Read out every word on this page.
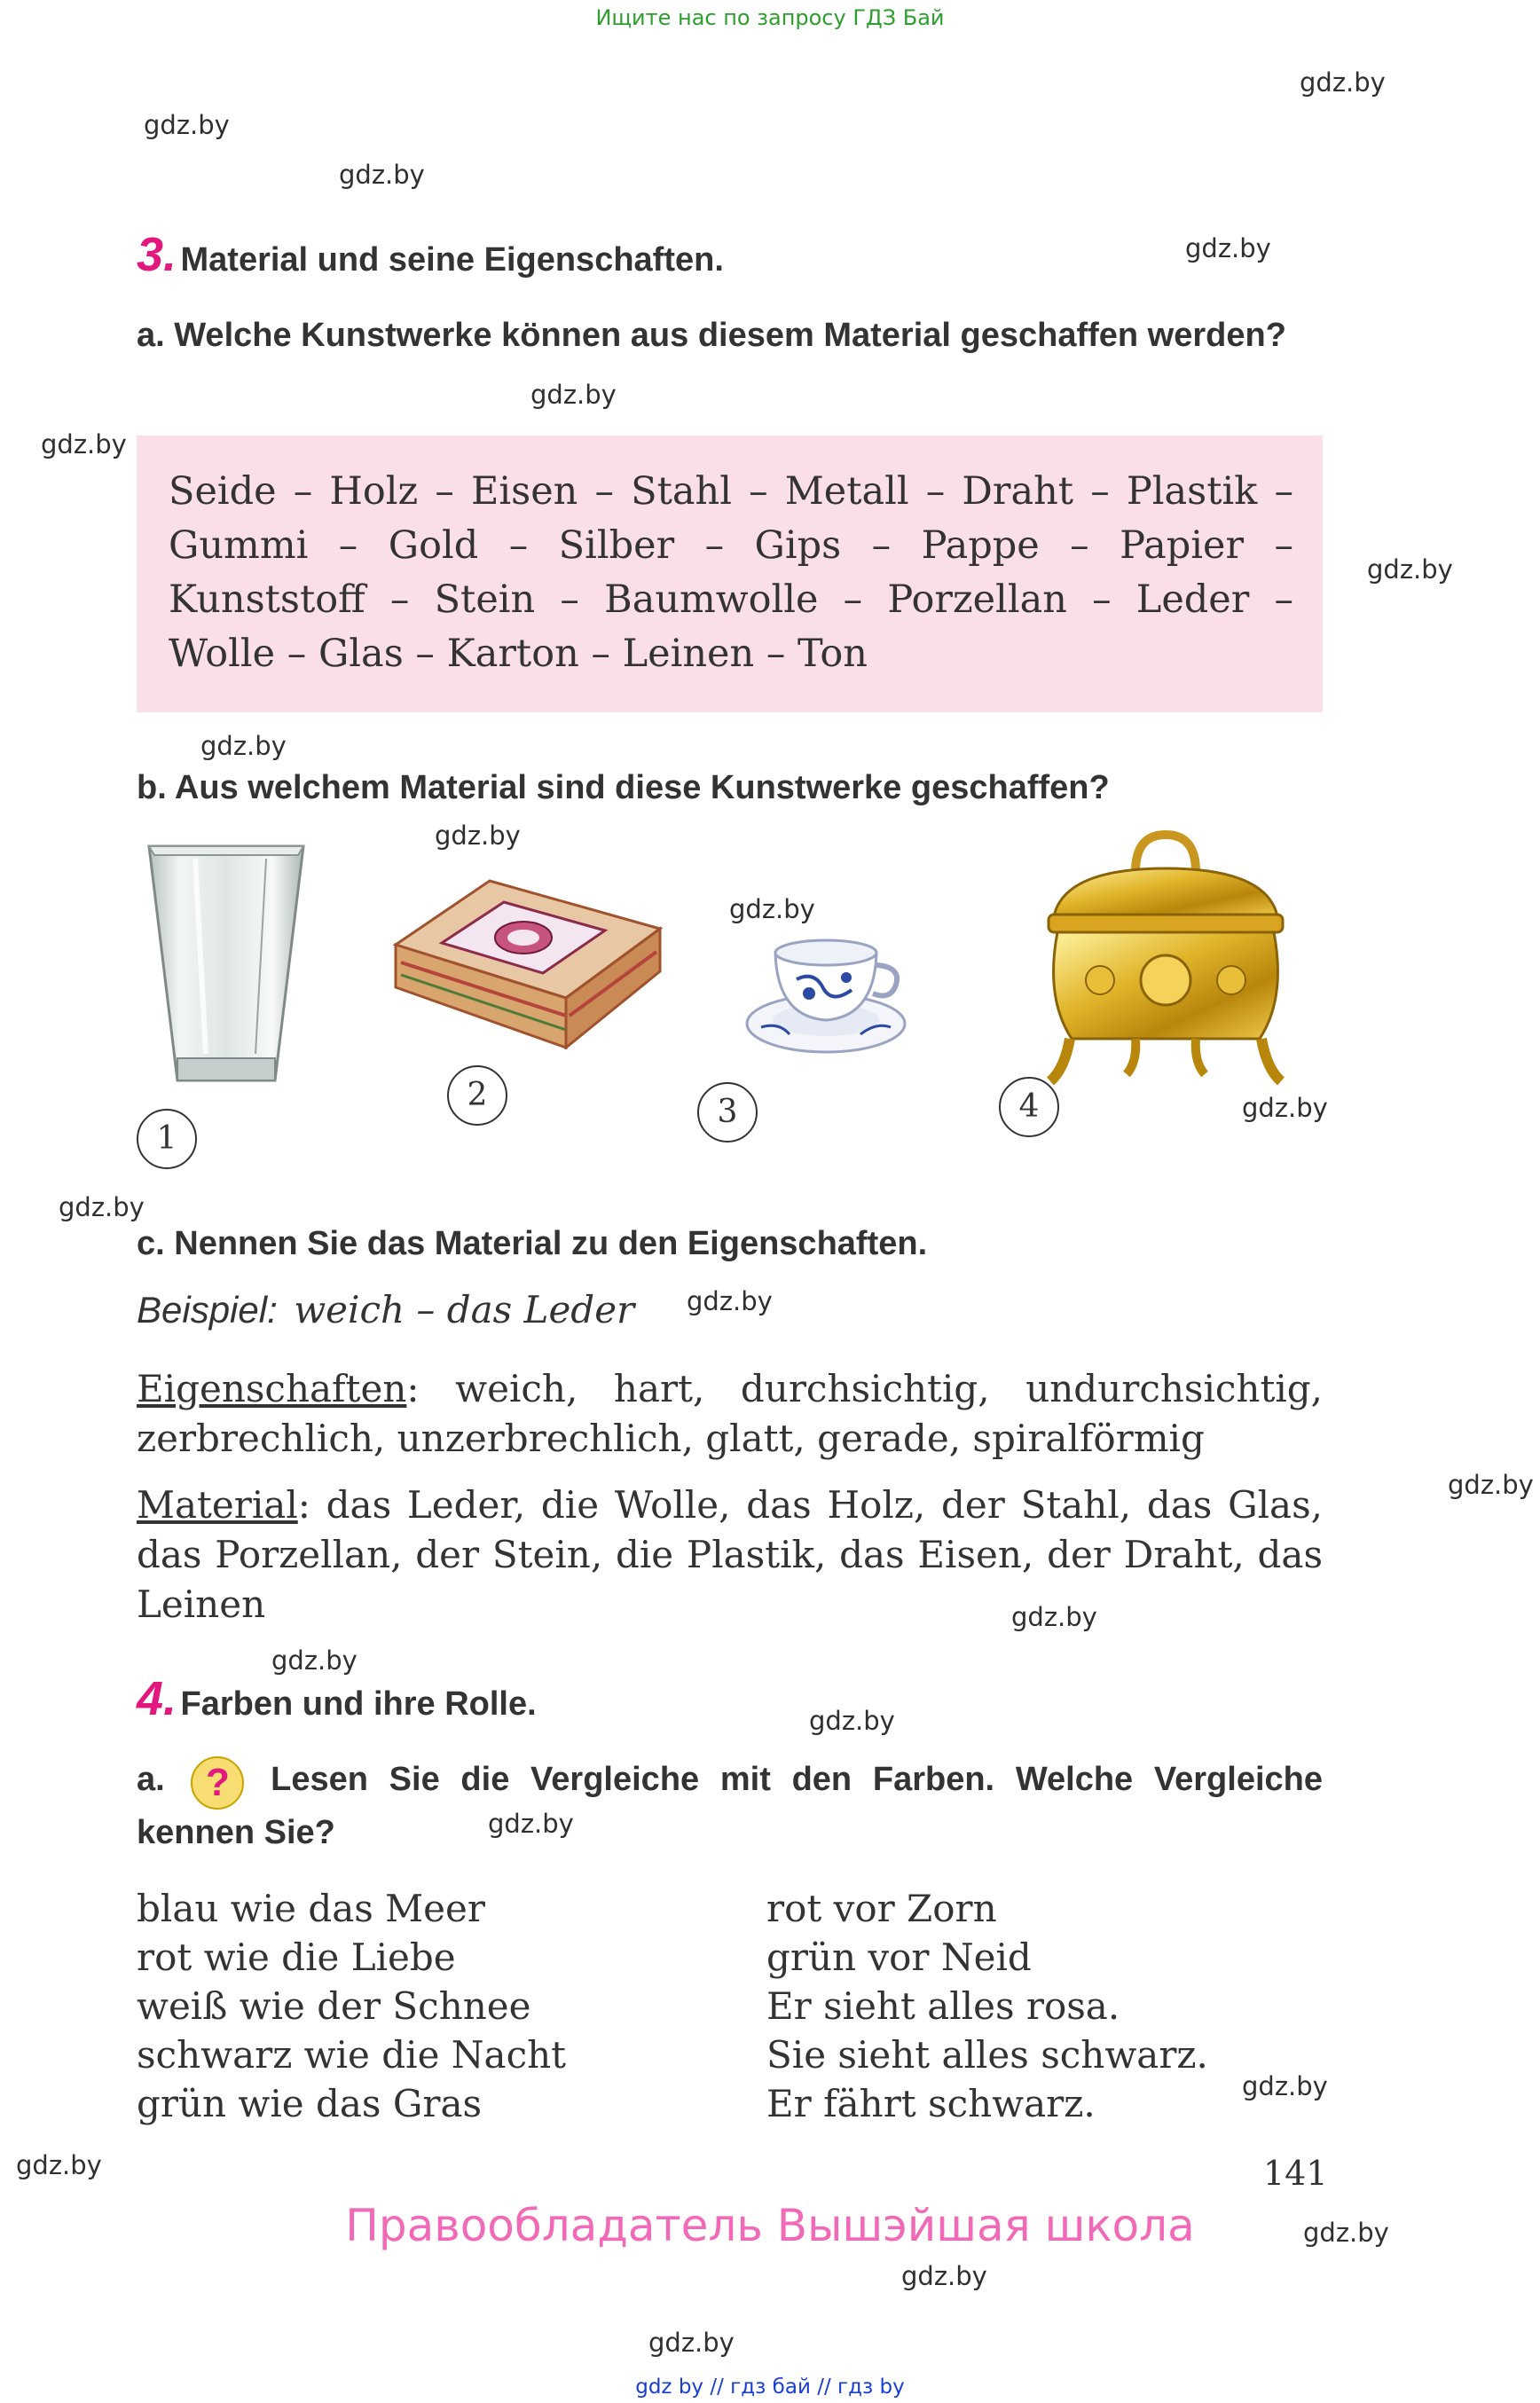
Ищите нас по запросу ГДЗ Бай
gdz.by
gdz.by
gdz.by
gdz.by
gdz.by
gdz.by
gdz.by
gdz.by
gdz.by
gdz.by
gdz.by
gdz.by
gdz.by
gdz.by
gdz.by
gdz.by
gdz.by
gdz.by
gdz.by
gdz.by
gdz.by
gdz.by
gdz.by
3. Material und seine Eigenschaften.
a. Welche Kunstwerke können aus diesem Material geschaffen werden?
Seide – Holz – Eisen – Stahl – Metall – Draht – Plastik – Gummi – Gold – Silber – Gips – Pappe – Papier – Kunststoff – Stein – Baumwolle – Porzellan – Leder – Wolle – Glas – Karton – Leinen – Ton
b. Aus welchem Material sind diese Kunstwerke geschaffen?
1
2	3	4
c. Nennen Sie das Material zu den Eigenschaften.
Beispiel: weich – das Leder
Eigenschaften: weich, hart, durchsichtig, undurchsichtig, zerbrechlich, unzerbrechlich, glatt, gerade, spiralförmig
Material: das Leder, die Wolle, das Holz, der Stahl, das Glas, das Porzellan, der Stein, die Plastik, das Eisen, der Draht, das Leinen
4. Farben und ihre Rolle.
a. ? Lesen Sie die Vergleiche mit den Farben. Welche Vergleiche kennen Sie?
blau wie das Meer
rot wie die Liebe
weiß wie der Schnee
schwarz wie die Nacht
grün wie das Gras
rot vor Zorn
grün vor Neid
Er sieht alles rosa.
Sie sieht alles schwarz.
Er fährt schwarz.
141
Правообладатель Вышэйшая школа
gdz by // гдз бай // гдз by
